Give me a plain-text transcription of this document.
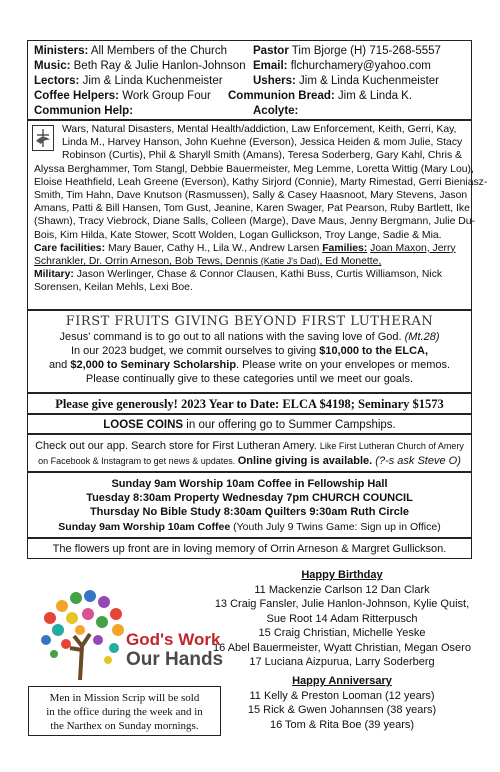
Ministers: All Members of the Church Pastor Tim Bjorge (H) 715-268-5557
Music: Beth Ray & Julie Hanlon-Johnson Email: flchurchamery@yahoo.com
Lectors: Jim & Linda Kuchenmeister	Ushers: Jim & Linda Kuchenmeister
Coffee Helpers: Work Group Four Communion Bread: Jim & Linda K.
Communion Help:	Acolyte:
Wars, Natural Disasters, Mental Health/addiction, Law Enforcement, Keith, Gerri, Kay,
Linda M., Harvey Hanson, John Kuehne (Everson), Jessica Heiden & mom Julie, Stacy
Robinson (Curtis), Phil & Sharyll Smith (Amans), Teresa Soderberg, Gary Kahl, Chris &
Alyssa Berghammer, Tom Stangl, Debbie Bauermeister, Meg Lemme, Loretta Wittig (Mary Lou),
Eloise Heathfield, Leah Greene (Everson), Kathy Sirjord (Connie), Marty Rimestad, Gerri Bieniasz-
Smith, Tim Hahn, Dave Knutson (Rasmussen), Sally & Casey Haasnoot, Mary Stevens, Jason
Amans, Patti & Bill Hansen, Tom Gust, Jeanine, Karen Swager, Pat Pearson, Ruby Bartlett, Ike
(Shawn), Tracy Viebrock, Diane Salls, Colleen (Marge), Dave Maus, Jenny Bergmann, Julie Du-
Bois, Kim Hilda, Kate Stower, Scott Wolden, Logan Gullickson, Troy Lange, Sadie & Mia.
Care facilities: Mary Bauer, Cathy H., Lila W., Andrew Larsen Families: Joan Maxon, Jerry
Schrankler, Dr. Orrin Arneson, Bob Tews, Dennis (Katie J's Dad), Ed Monette,
Military: Jason Werlinger, Chase & Connor Clausen, Kathi Buss, Curtis Williamson, Nick
Sorensen, Keilan Mehls, Lexi Boe.
FIRST FRUITS GIVING BEYOND FIRST LUTHERAN
Jesus' command is to go out to all nations with the saving love of God. (Mt.28)
In our 2023 budget, we commit ourselves to giving $10,000 to the ELCA,
and $2,000 to Seminary Scholarship. Please write on your envelopes or memos.
Please continually give to these categories until we meet our goals.
Please give generously! 2023 Year to Date: ELCA $4198; Seminary $1573
LOOSE COINS in our offering go to Summer Campships.
Check out our app. Search store for First Lutheran Amery. Like First Lutheran Church of Amery
on Facebook & Instagram to get news & updates. Online giving is available. (?-s ask Steve O)
Sunday 9am Worship 10am Coffee in Fellowship Hall
Tuesday 8:30am Property Wednesday 7pm CHURCH COUNCIL
Thursday No Bible Study 8:30am Quilters 9:30am Ruth Circle
Sunday 9am Worship 10am Coffee (Youth July 9 Twins Game: Sign up in Office)
The flowers up front are in loving memory of Orrin Arneson & Margret Gullickson.
God's Work
Our Hands
Men in Mission Scrip will be sold
in the office during the week and in
the Narthex on Sunday mornings.
Happy Birthday
11 Mackenzie Carlson 12 Dan Clark
13 Craig Fansler, Julie Hanlon-Johnson, Kylie Quist,
Sue Root 14 Adam Ritterpusch
15 Craig Christian, Michelle Yeske
16 Abel Bauermeister, Wyatt Christian, Megan Osero
17 Luciana Aizpurua, Larry Soderberg
Happy Anniversary
11 Kelly & Preston Looman (12 years)
15 Rick & Gwen Johannsen (38 years)
16 Tom & Rita Boe (39 years)
